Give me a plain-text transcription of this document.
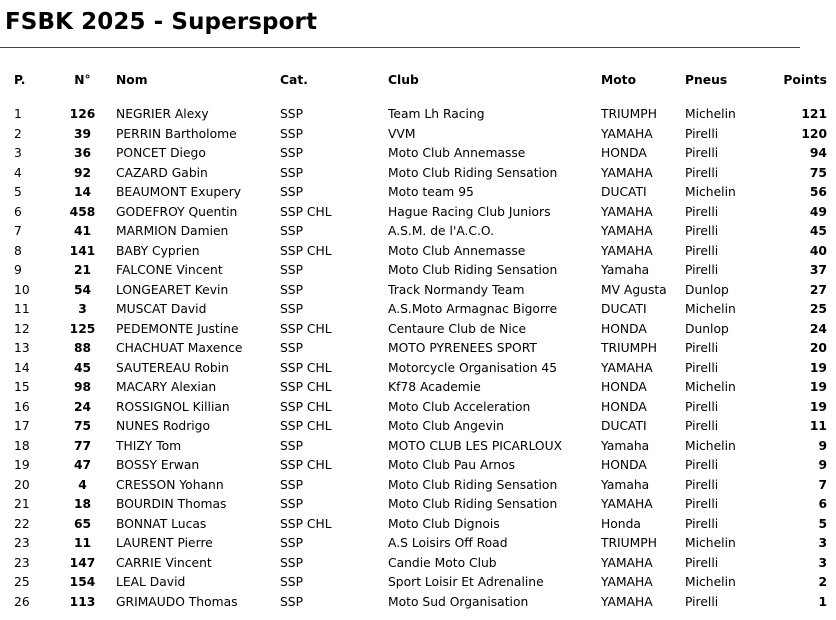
FSBK 2025 - Supersport
P.	N°	Nom	Cat.	Club	Moto	Pneus	Points
1	126	NEGRIER Alexy	SSP	Team Lh Racing	TRIUMPH	Michelin	121
2	39	PERRIN Bartholome	SSP	VVM	YAMAHA	Pirelli	120
3	36	PONCET Diego	SSP	Moto Club Annemasse	HONDA	Pirelli	94
4	92	CAZARD Gabin	SSP	Moto Club Riding Sensation	YAMAHA	Pirelli	75
5	14	BEAUMONT Exupery	SSP	Moto team 95	DUCATI	Michelin	56
6	458	GODEFROY Quentin	SSP CHL	Hague Racing Club Juniors	YAMAHA	Pirelli	49
7	41	MARMION Damien	SSP	A.S.M. de l'A.C.O.	YAMAHA	Pirelli	45
8	141	BABY Cyprien	SSP CHL	Moto Club Annemasse	YAMAHA	Pirelli	40
9	21	FALCONE Vincent	SSP	Moto Club Riding Sensation	Yamaha	Pirelli	37
10	54	LONGEARET Kevin	SSP	Track Normandy Team	MV Agusta	Dunlop	27
11	3	MUSCAT David	SSP	A.S.Moto Armagnac Bigorre	DUCATI	Michelin	25
12	125	PEDEMONTE Justine	SSP CHL	Centaure Club de Nice	HONDA	Dunlop	24
13	88	CHACHUAT Maxence	SSP	MOTO PYRENEES SPORT	TRIUMPH	Pirelli	20
14	45	SAUTEREAU Robin	SSP CHL	Motorcycle Organisation 45	YAMAHA	Pirelli	19
15	98	MACARY Alexian	SSP CHL	Kf78 Academie	HONDA	Michelin	19
16	24	ROSSIGNOL Killian	SSP CHL	Moto Club Acceleration	HONDA	Pirelli	19
17	75	NUNES Rodrigo	SSP CHL	Moto Club Angevin	DUCATI	Pirelli	11
18	77	THIZY Tom	SSP	MOTO CLUB LES PICARLOUX	Yamaha	Michelin	9
19	47	BOSSY Erwan	SSP CHL	Moto Club Pau Arnos	HONDA	Pirelli	9
20	4	CRESSON Yohann	SSP	Moto Club Riding Sensation	Yamaha	Pirelli	7
21	18	BOURDIN Thomas	SSP	Moto Club Riding Sensation	YAMAHA	Pirelli	6
22	65	BONNAT Lucas	SSP CHL	Moto Club Dignois	Honda	Pirelli	5
23	11	LAURENT Pierre	SSP	A.S Loisirs Off Road	TRIUMPH	Michelin	3
23	147	CARRIE Vincent	SSP	Candie Moto Club	YAMAHA	Pirelli	3
25	154	LEAL David	SSP	Sport Loisir Et Adrenaline	YAMAHA	Michelin	2
26	113	GRIMAUDO Thomas	SSP	Moto Sud Organisation	YAMAHA	Pirelli	1
